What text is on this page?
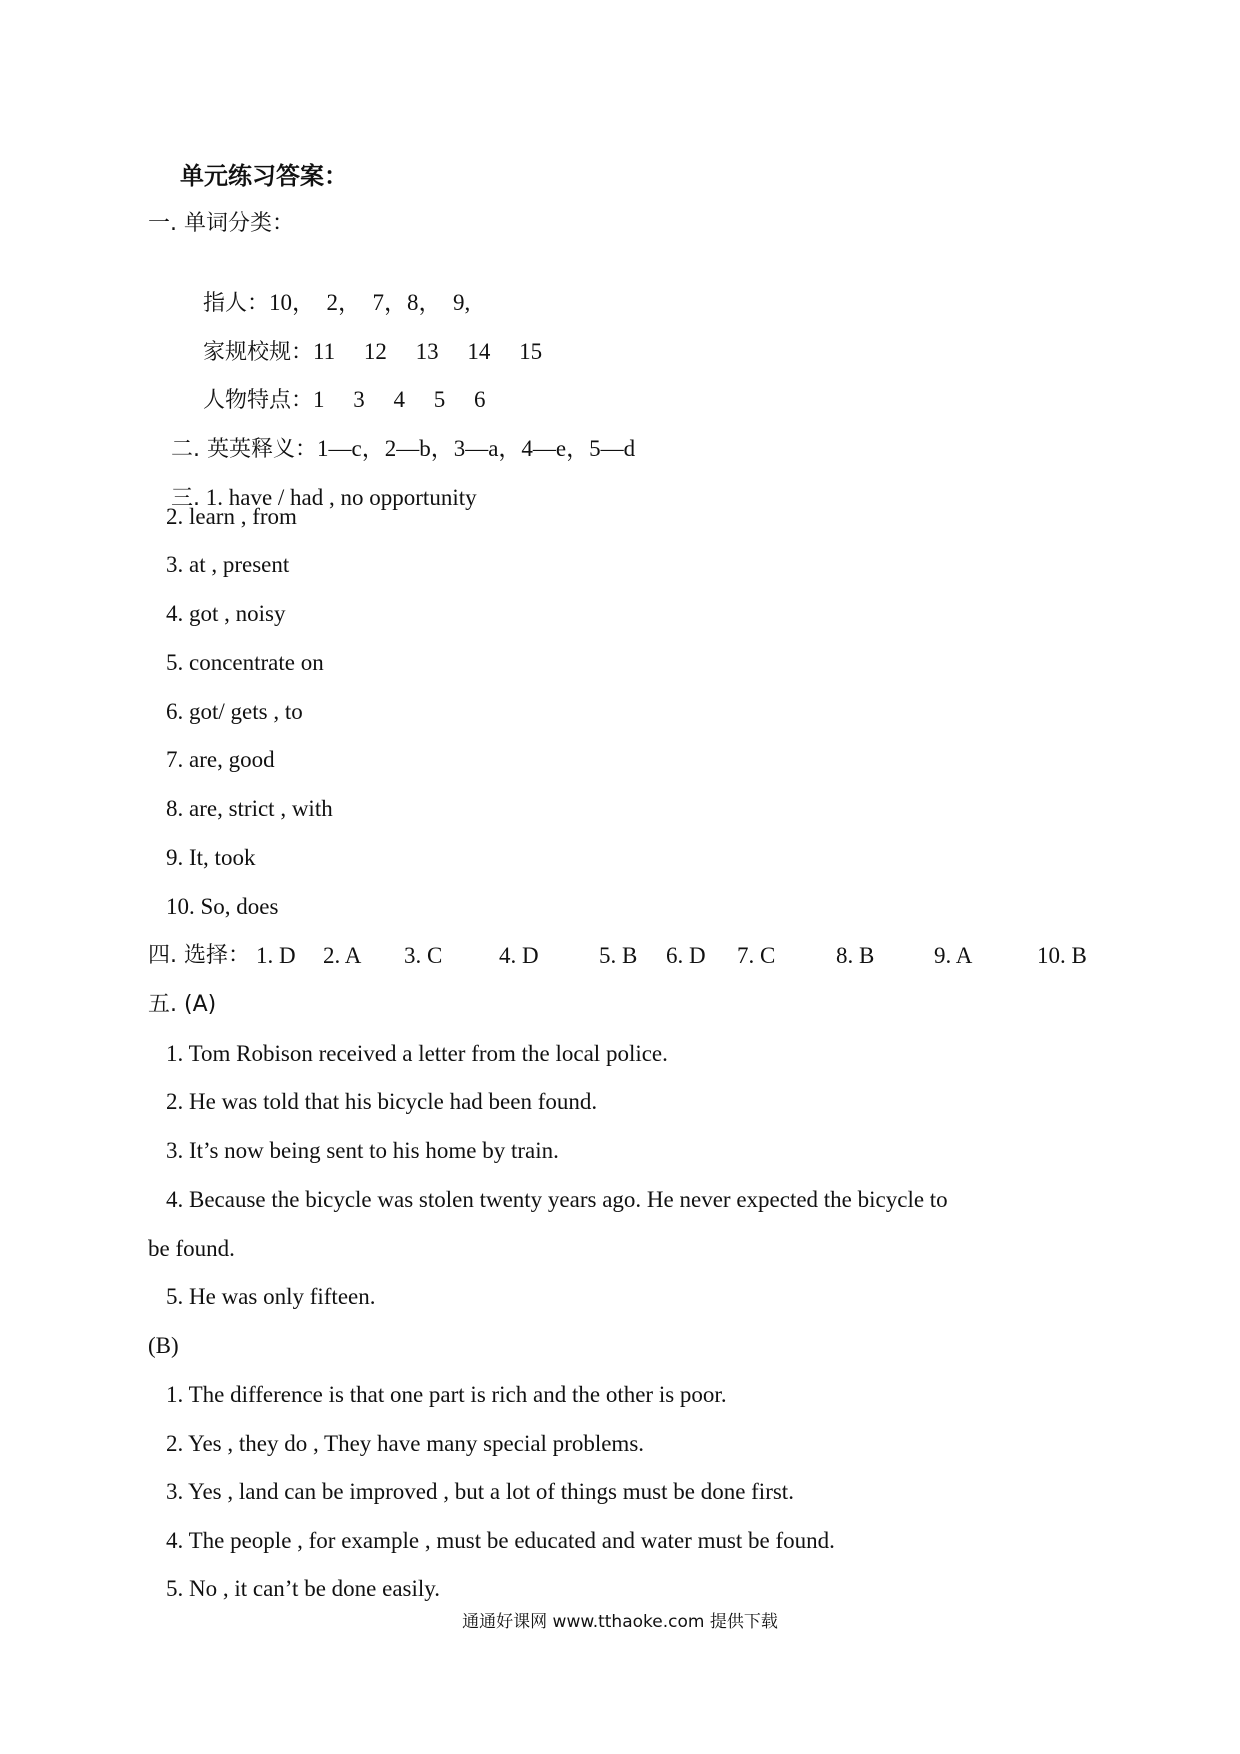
单元练习答案：
一. 单词分类：

指人：10，  2，  7，8，  9,

家规校规：11     12     13     14     15

人物特点：1     3     4     5     6

二. 英英释义：1—c，2—b，3—a，4—e，5—d

三. 1. have / had , no opportunity

2. learn , from
3. at , present
4. got , noisy
5. concentrate on
6. got/ gets , to
7. are, good
8. are, strict , with
9. It, took
10. So, does

四. 选择：

1. D

2. A

3. C

4. D

	5. B

6. D

7. C

	8. B

	9. A

	10. B

五. (A)
1. Tom Robison received a letter from the local police.
2. He was told that his bicycle had been found.
3. It’s now being sent to his home by train.
4. Because the bicycle was stolen twenty years ago. He never expected the bicycle to
be found.
5. He was only fifteen.
(B)
1. The difference is that one part is rich and the other is poor.
2. Yes , they do , They have many special problems.
3. Yes , land can be improved , but a lot of things must be done first.
4. The people , for example , must be educated and water must be found.
5. No , it can’t be done easily.
通通好课网 www.tthaoke.com 提供下载
